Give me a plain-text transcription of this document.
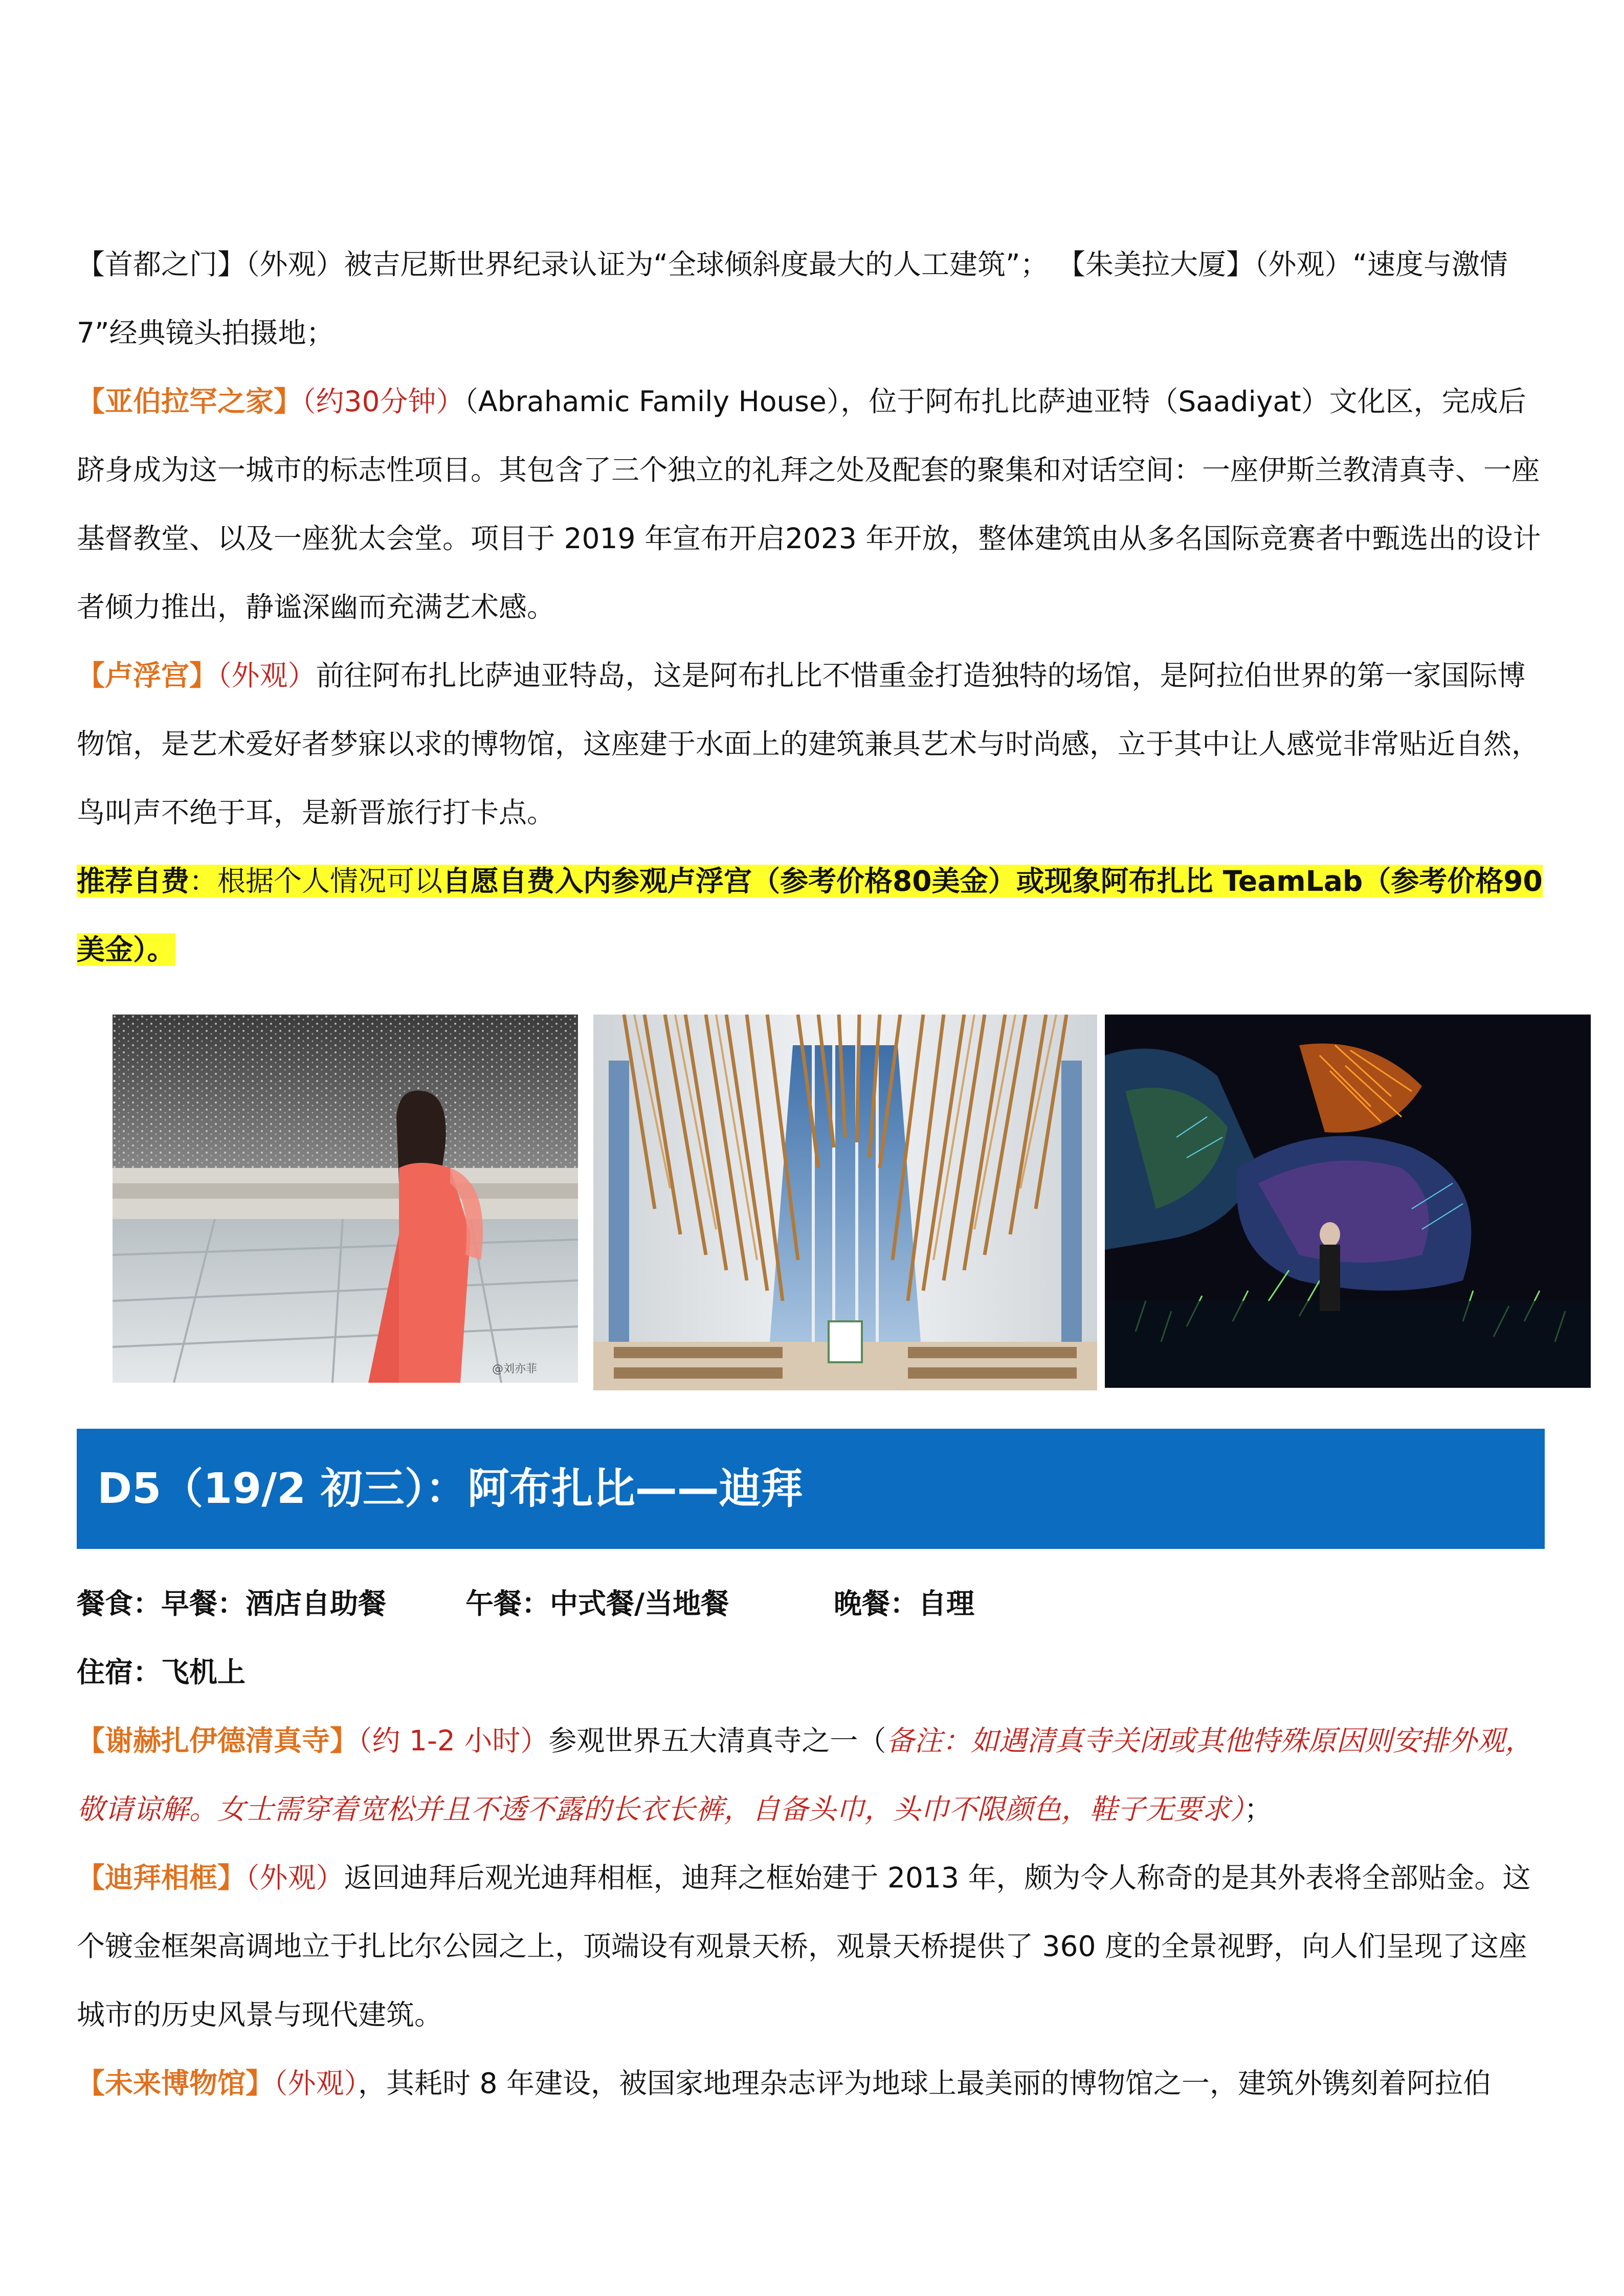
【首都之门】（外观）被吉尼斯世界纪录认证为“全球倾斜度最大的人工建筑”； 【朱美拉大厦】（外观）“速度与激情 7”经典镜头拍摄地；

【亚伯拉罕之家】（约30分钟）（Abrahamic Family House），位于阿布扎比萨迪亚特（Saadiyat）文化区，完成后跻身成为这一城市的标志性项目。其包含了三个独立的礼拜之处及配套的聚集和对话空间：一座伊斯兰教清真寺、一座基督教堂、以及一座犹太会堂。项目于 2019 年宣布开启2023 年开放，整体建筑由从多名国际竞赛者中甄选出的设计者倾力推出，静谧深幽而充满艺术感。

【卢浮宫】（外观）前往阿布扎比萨迪亚特岛，这是阿布扎比不惜重金打造独特的场馆，是阿拉伯世界的第一家国际博物馆，是艺术爱好者梦寐以求的博物馆，这座建于水面上的建筑兼具艺术与时尚感，立于其中让人感觉非常贴近自然，鸟叫声不绝于耳，是新晋旅行打卡点。

推荐自费：根据个人情况可以自愿自费入内参观卢浮宫（参考价格80美金）或现象阿布扎比 TeamLab（参考价格90美金）。

@刘亦菲
D5（19/2 初三）：阿布扎比——迪拜

餐食：早餐：酒店自助餐	午餐：中式餐/当地餐	晚餐：自理

住宿：飞机上

【谢赫扎伊德清真寺】（约 1-2 小时）参观世界五大清真寺之一（备注：如遇清真寺关闭或其他特殊原因则安排外观，敬请谅解。女士需穿着宽松并且不透不露的长衣长裤，自备头巾，头巾不限颜色，鞋子无要求）；

【迪拜相框】（外观）返回迪拜后观光迪拜相框，迪拜之框始建于 2013 年，颇为令人称奇的是其外表将全部贴金。这个镀金框架高调地立于扎比尔公园之上，顶端设有观景天桥，观景天桥提供了 360 度的全景视野，向人们呈现了这座城市的历史风景与现代建筑。

【未来博物馆】（外观），其耗时 8 年建设，被国家地理杂志评为地球上最美丽的博物馆之一，建筑外镌刻着阿拉伯
